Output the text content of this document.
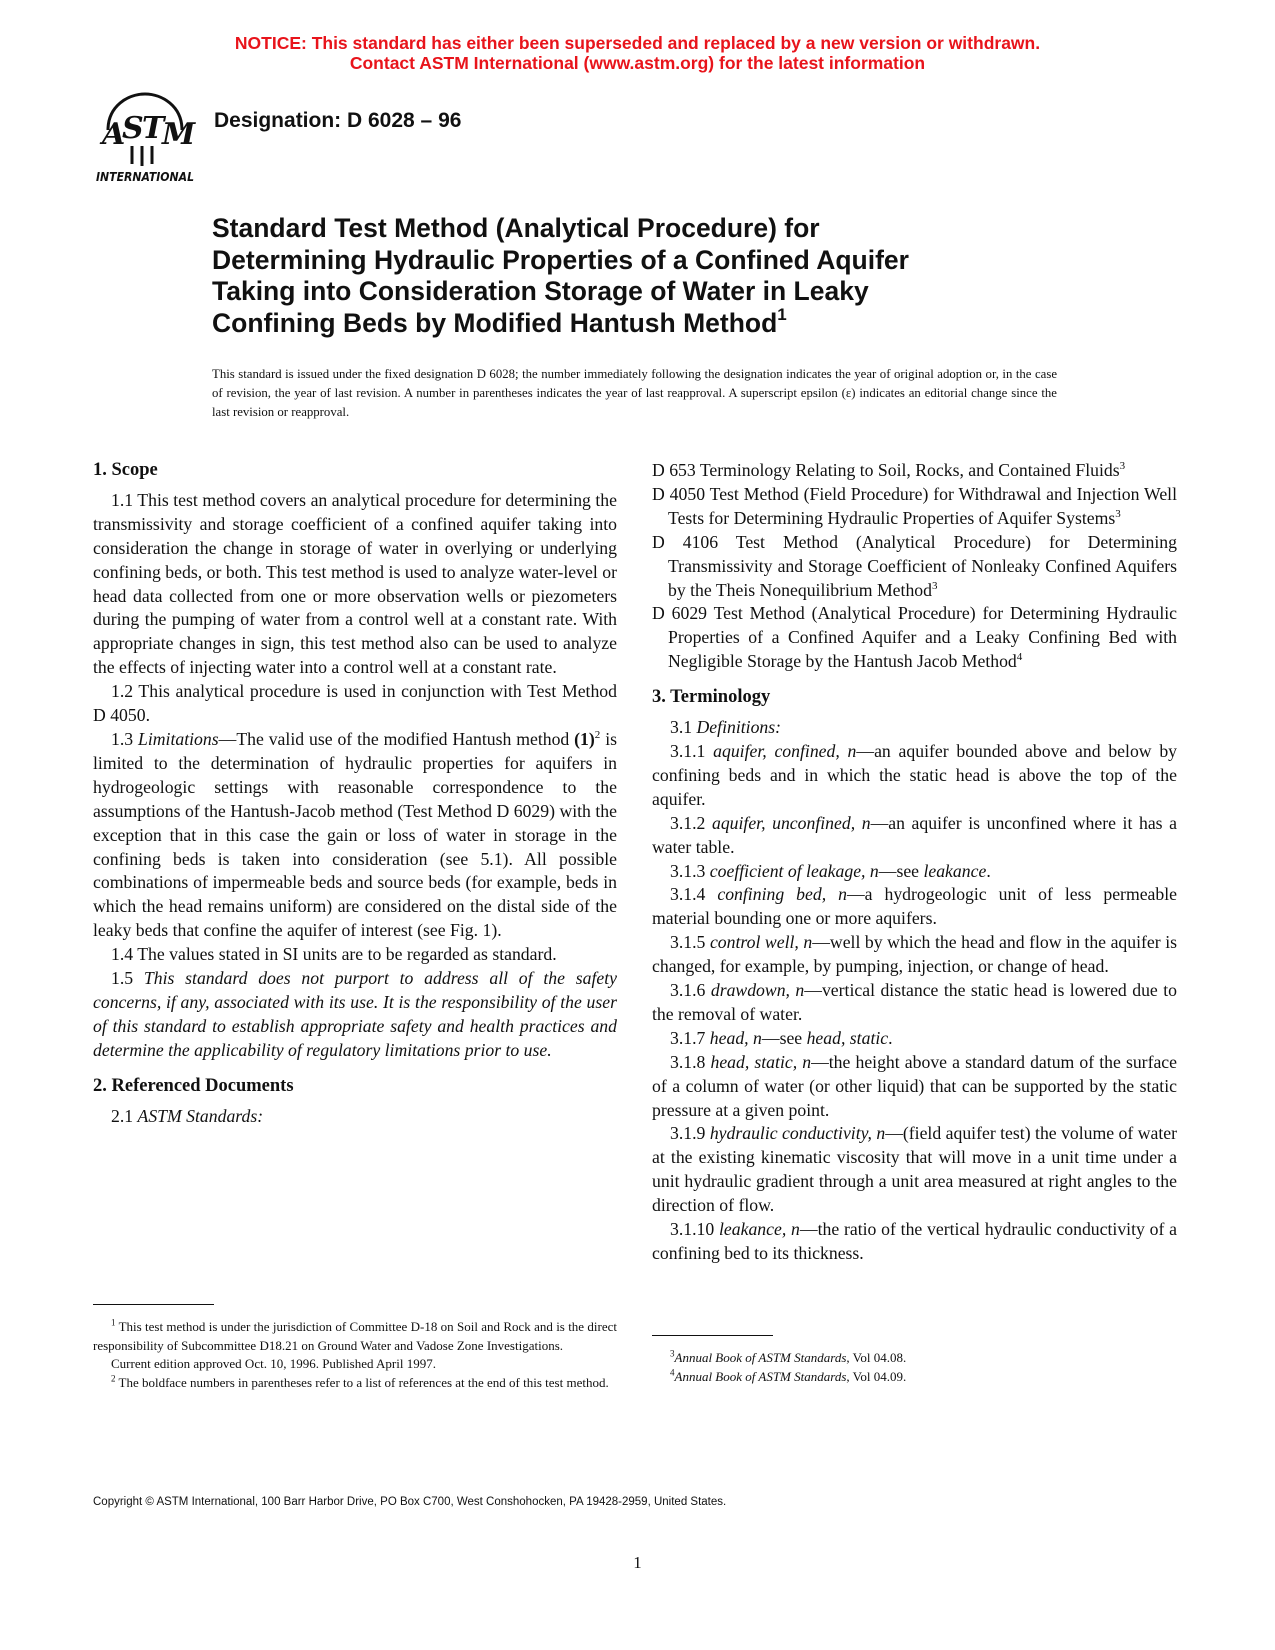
NOTICE: This standard has either been superseded and replaced by a new version or withdrawn.
Contact ASTM International (www.astm.org) for the latest information
A
S
T
M
INTERNATIONAL
Designation: D 6028 – 96
Standard Test Method (Analytical Procedure) for
Determining Hydraulic Properties of a Confined Aquifer
Taking into Consideration Storage of Water in Leaky
Confining Beds by Modified Hantush Method$^1$
This standard is issued under the fixed designation D 6028; the number immediately following the designation indicates the year of original adoption or, in the case of revision, the year of last revision. A number in parentheses indicates the year of last reapproval. A superscript epsilon (ε) indicates an editorial change since the last revision or reapproval.
1. Scope

1.1 This test method covers an analytical procedure for determining the transmissivity and storage coefficient of a confined aquifer taking into consideration the change in storage of water in overlying or underlying confining beds, or both. This test method is used to analyze water-level or head data collected from one or more observation wells or piezometers during the pumping of water from a control well at a constant rate. With appropriate changes in sign, this test method also can be used to analyze the effects of injecting water into a control well at a constant rate.

1.2 This analytical procedure is used in conjunction with Test Method D 4050.

1.3 Limitations—The valid use of the modified Hantush method $(1)^2$ is limited to the determination of hydraulic properties for aquifers in hydrogeologic settings with reasonable correspondence to the assumptions of the Hantush-Jacob method (Test Method D 6029) with the exception that in this case the gain or loss of water in storage in the confining beds is taken into consideration (see 5.1). All possible combinations of impermeable beds and source beds (for example, beds in which the head remains uniform) are considered on the distal side of the leaky beds that confine the aquifer of interest (see Fig. 1).

1.4 The values stated in SI units are to be regarded as standard.

1.5 This standard does not purport to address all of the safety concerns, if any, associated with its use. It is the responsibility of the user of this standard to establish appropriate safety and health practices and determine the applicability of regulatory limitations prior to use.

2. Referenced Documents

2.1 ASTM Standards:

D 653 Terminology Relating to Soil, Rocks, and Contained Fluids$^3$

D 4050 Test Method (Field Procedure) for Withdrawal and Injection Well Tests for Determining Hydraulic Properties of Aquifer Systems$^3$

D 4106 Test Method (Analytical Procedure) for Determining Transmissivity and Storage Coefficient of Nonleaky Confined Aquifers by the Theis Nonequilibrium Method$^3$

D 6029 Test Method (Analytical Procedure) for Determining Hydraulic Properties of a Confined Aquifer and a Leaky Confining Bed with Negligible Storage by the Hantush Jacob Method$^4$

3. Terminology

3.1 Definitions:

3.1.1 aquifer, confined, n—an aquifer bounded above and below by confining beds and in which the static head is above the top of the aquifer.

3.1.2 aquifer, unconfined, n—an aquifer is unconfined where it has a water table.

3.1.3 coefficient of leakage, n—see leakance.

3.1.4 confining bed, n—a hydrogeologic unit of less permeable material bounding one or more aquifers.

3.1.5 control well, n—well by which the head and flow in the aquifer is changed, for example, by pumping, injection, or change of head.

3.1.6 drawdown, n—vertical distance the static head is lowered due to the removal of water.

3.1.7 head, n—see head, static.

3.1.8 head, static, n—the height above a standard datum of the surface of a column of water (or other liquid) that can be supported by the static pressure at a given point.

3.1.9 hydraulic conductivity, n—(field aquifer test) the volume of water at the existing kinematic viscosity that will move in a unit time under a unit hydraulic gradient through a unit area measured at right angles to the direction of flow.

3.1.10 leakance, n—the ratio of the vertical hydraulic conductivity of a confining bed to its thickness.

$^1$ This test method is under the jurisdiction of Committee D-18 on Soil and Rock and is the direct responsibility of Subcommittee D18.21 on Ground Water and Vadose Zone Investigations.

Current edition approved Oct. 10, 1996. Published April 1997.

$^2$ The boldface numbers in parentheses refer to a list of references at the end of this test method.

$^3$Annual Book of ASTM Standards, Vol 04.08.

$^4$Annual Book of ASTM Standards, Vol 04.09.

Copyright © ASTM International, 100 Barr Harbor Drive, PO Box C700, West Conshohocken, PA 19428-2959, United States.
1
